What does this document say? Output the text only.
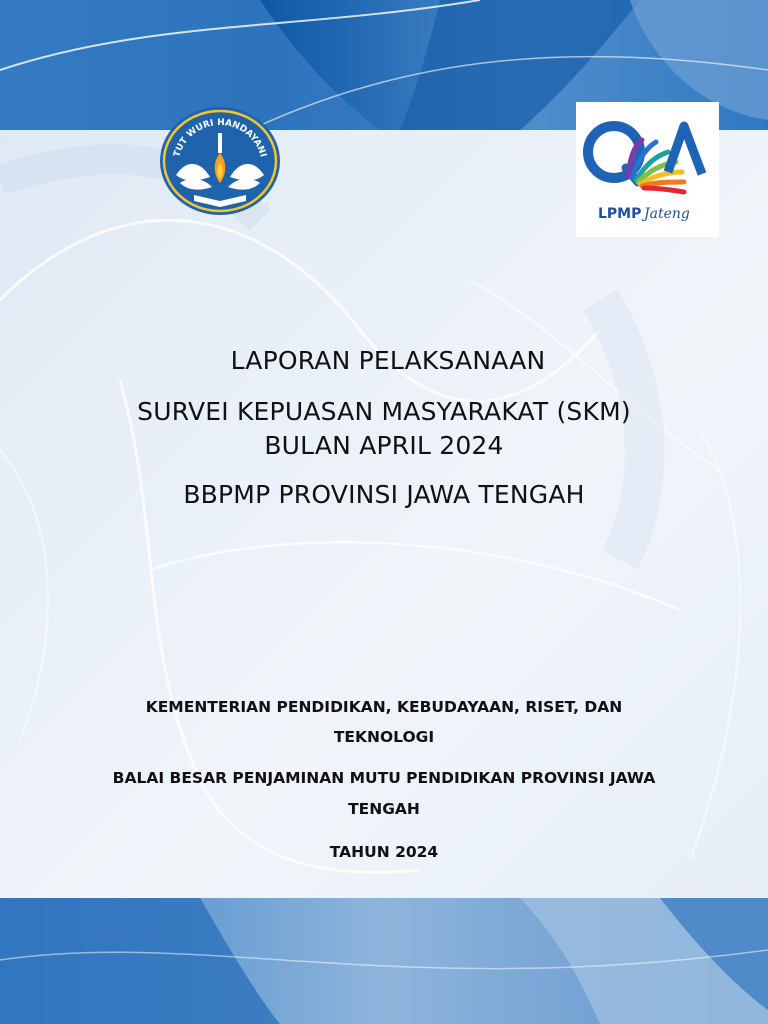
TUT WURI HANDAYANI
LPMP Jateng
LAPORAN PELAKSANAAN
SURVEI KEPUASAN MASYARAKAT (SKM)
BULAN APRIL 2024
BBPMP PROVINSI JAWA TENGAH
KEMENTERIAN PENDIDIKAN, KEBUDAYAAN, RISET, DAN
TEKNOLOGI
BALAI BESAR PENJAMINAN MUTU PENDIDIKAN PROVINSI JAWA
TENGAH
TAHUN 2024
